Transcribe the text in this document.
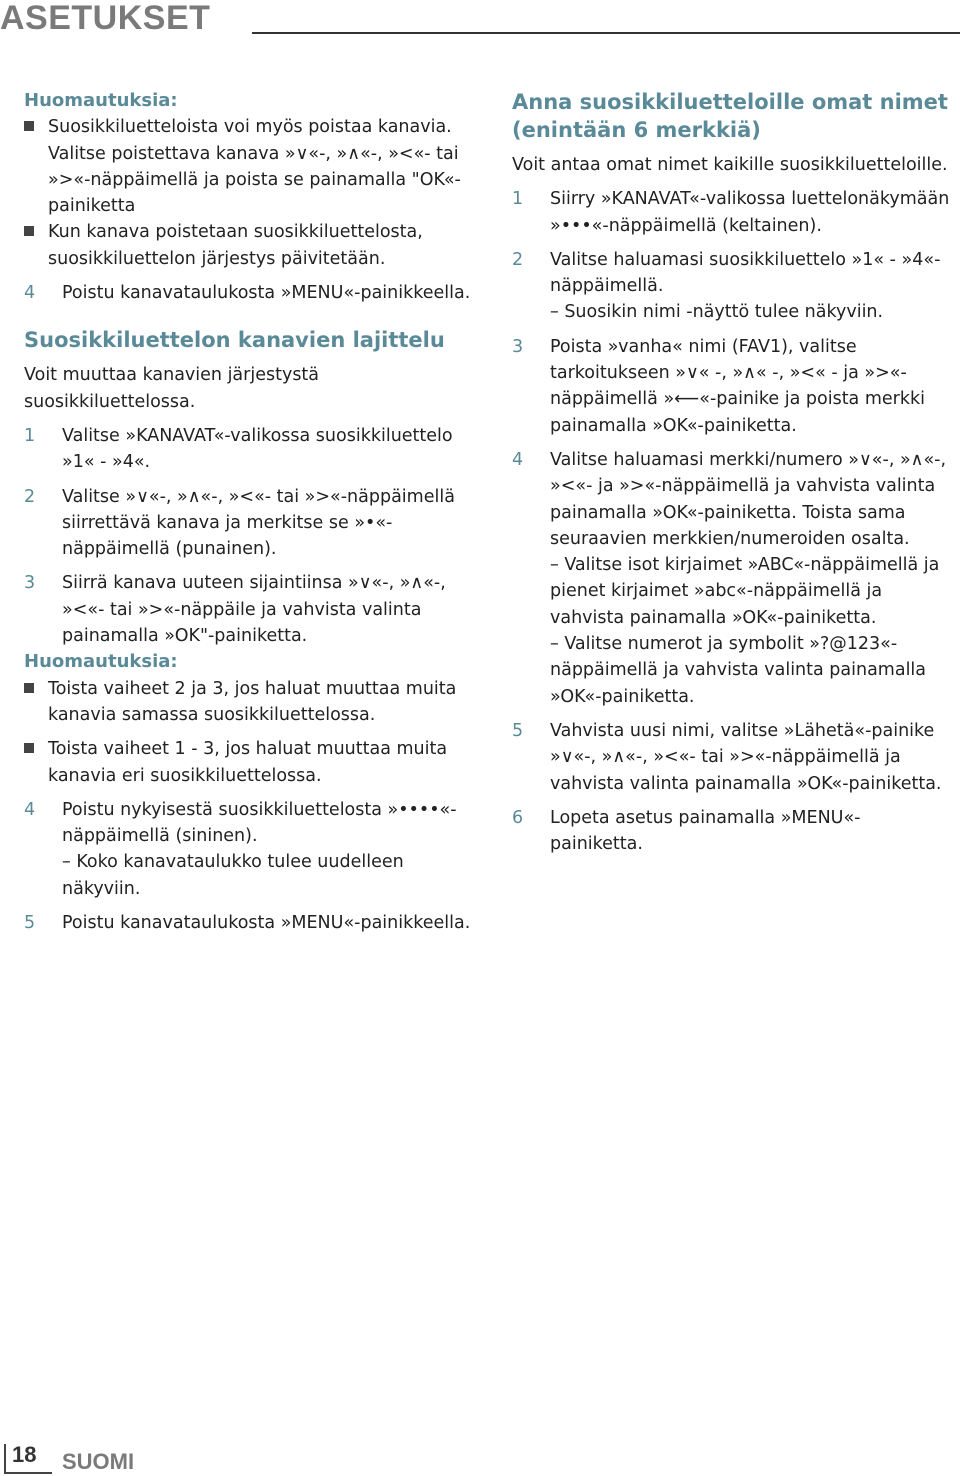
ASETUKSET

Huomautuksia:

Suosikkiluetteloista voi myös poistaa kanavia. Valitse poistettava kanava »∨«-, »∧«-, »<«- tai »>«-näppäimellä ja poista se painamalla "OK«-painiketta

Kun kanava poistetaan suosikkiluettelosta, suosikkiluettelon järjestys päivitetään.

4	Poistu kanavataulukosta »MENU«-painikkeella.

Suosikkiluettelon kanavien lajittelu

Voit muuttaa kanavien järjestystä suosikkiluettelossa.

1	Valitse »KANAVAT«-valikossa suosikkiluettelo »1« - »4«.

2	Valitse »∨«-, »∧«-, »<«- tai »>«-näppäimellä siirrettävä kanava ja merkitse se »•«-näppäimellä (punainen).

3	Siirrä kanava uuteen sijaintiinsa »∨«-, »∧«-, »<«- tai »>«-näppäile ja vahvista valinta painamalla »OK"-painiketta.

Huomautuksia:

Toista vaiheet 2 ja 3, jos haluat muuttaa muita kanavia samassa suosikkiluettelossa.

Toista vaiheet 1 - 3, jos haluat muuttaa muita kanavia eri suosikkiluettelossa.

4	Poistu nykyisestä suosikkiluettelosta »••••«-näppäimellä (sininen).

– Koko kanavataulukko tulee uudelleen näkyviin.

5	Poistu kanavataulukosta »MENU«-painikkeella.

Anna suosikkiluetteloille omat nimet (enintään 6 merkkiä)

Voit antaa omat nimet kaikille suosikkiluetteloille.

1	Siirry »KANAVAT«-valikossa luettelonäkymään »•••«-näppäimellä (keltainen).

2	Valitse haluamasi suosikkiluettelo »1« - »4«-näppäimellä.

– Suosikin nimi -näyttö tulee näkyviin.

3	Poista »vanha« nimi (FAV1), valitse tarkoitukseen »∨« -, »∧« -, »<« - ja »>«-näppäimellä »⟵«-painike ja poista merkki painamalla »OK«-painiketta.

4	Valitse haluamasi merkki/numero »∨«-, »∧«-, »<«- ja »>«-näppäimellä ja vahvista valinta painamalla »OK«-painiketta. Toista sama seuraavien merkkien/numeroiden osalta.

– Valitse isot kirjaimet »ABC«-näppäimellä ja pienet kirjaimet »abc«-näppäimellä ja vahvista painamalla »OK«-painiketta.

– Valitse numerot ja symbolit »?@123«-näppäimellä ja vahvista valinta painamalla »OK«-painiketta.

5	Vahvista uusi nimi, valitse »Lähetä«-painike »∨«-, »∧«-, »<«- tai »>«-näppäimellä ja vahvista valinta painamalla »OK«-painiketta.

6	Lopeta asetus painamalla »MENU«-painiketta.

18 SUOMI
